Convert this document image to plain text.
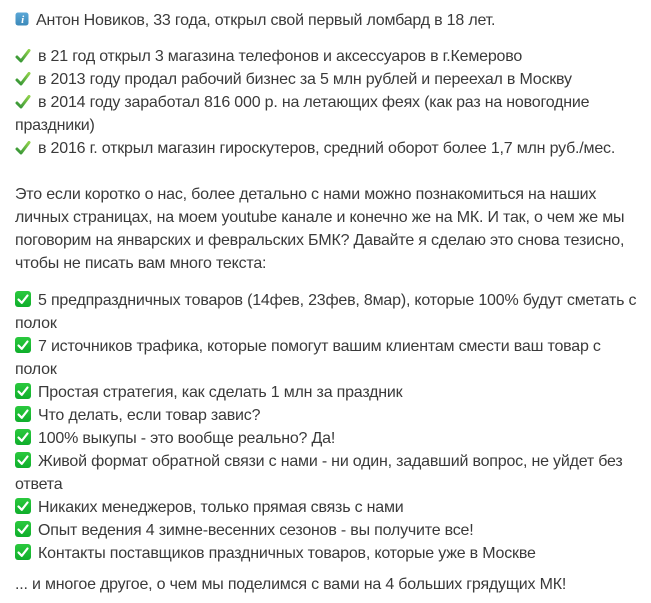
i Антон Новиков, 33 года, открыл свой первый ломбард в 18 лет.
в 21 год открыл 3 магазина телефонов и аксессуаров в г.Кемерово
в 2013 году продал рабочий бизнес за 5 млн рублей и переехал в Москву
в 2014 году заработал 816 000 р. на летающих феях (как раз на новогодние праздники)
в 2016 г. открыл магазин гироскутеров, средний оборот более 1,7 млн руб./мес.

Это если коротко о нас, более детально с нами можно познакомиться на наших личных страницах, на моем youtube канале и конечно же на МК. И так, о чем же мы поговорим на январских и февральских БМК? Давайте я сделаю это снова тезисно, чтобы не писать вам много текста:

5 предпраздничных товаров (14фев, 23фев, 8мар), которые 100% будут сметать с полок
7 источников трафика, которые помогут вашим клиентам смести ваш товар с полок
Простая стратегия, как сделать 1 млн за праздник
Что делать, если товар завис?
100% выкупы - это вообще реально? Да!
Живой формат обратной связи с нами - ни один, задавший вопрос, не уйдет без ответа
Никаких менеджеров, только прямая связь с нами
Опыт ведения 4 зимне-весенних сезонов - вы получите все!
Контакты поставщиков праздничных товаров, которые уже в Москве

... и многое другое, о чем мы поделимся с вами на 4 больших грядущих МК!
